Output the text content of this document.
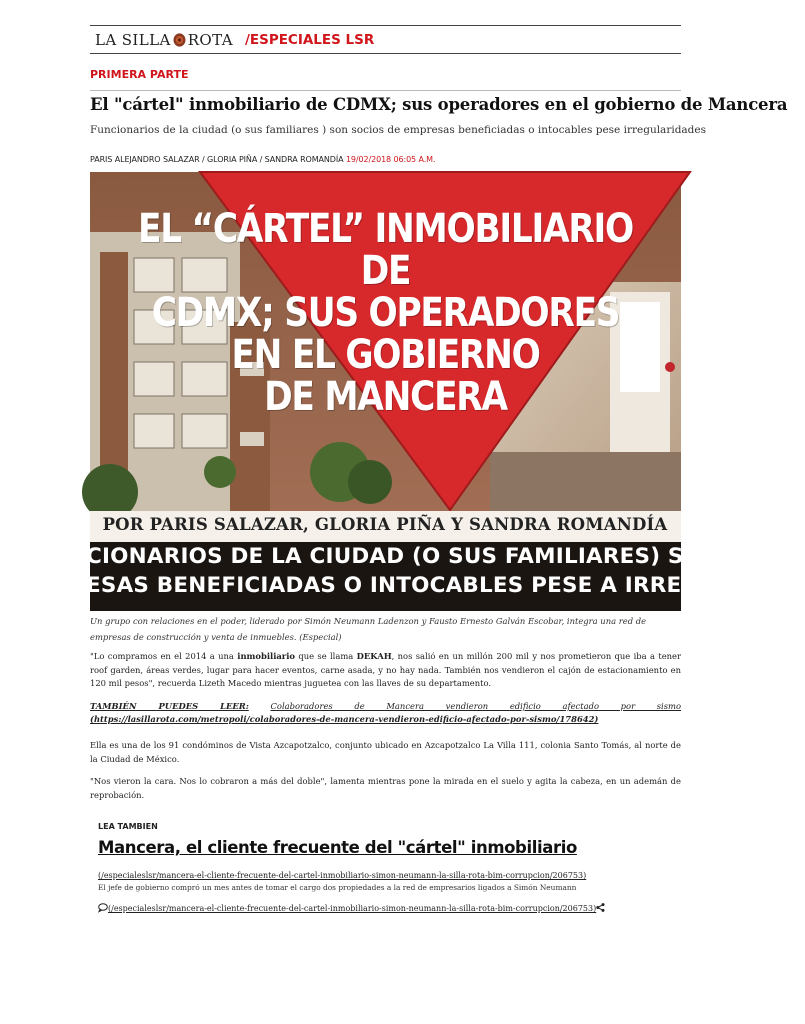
LA SILLA ROTA /ESPECIALES LSR
PRIMERA PARTE
El "cártel" inmobiliario de CDMX; sus operadores en el gobierno de Mancera
Funcionarios de la ciudad (o sus familiares ) son socios de empresas beneficiadas o intocables pese irregularidades
PARIS ALEJANDRO SALAZAR / GLORIA PIÑA / SANDRA ROMANDÍA 19/02/2018 06:05 A.M.
EL “CÁRTEL” INMOBILIARIO DE
CDMX; SUS OPERADORES
EN EL GOBIERNO
DE MANCERA
POR PARIS SALAZAR, GLORIA PIÑA Y SANDRA ROMANDÍA
CIONARIOS DE LA CIUDAD (O SUS FAMILIARES) SON SOCIO
ESAS BENEFICIADAS O INTOCABLES PESE A IRREGULARI
Un grupo con relaciones en el poder, liderado por Simón Neumann Ladenzon y Fausto Ernesto Galván Escobar, integra una red de empresas de construcción y venta de inmuebles. (Especial)

"Lo compramos en el 2014 a una inmobiliario que se llama DEKAH, nos salió en un millón 200 mil y nos prometieron que iba a tener roof garden, áreas verdes, lugar para hacer eventos, carne asada, y no hay nada. También nos vendieron el cajón de estacionamiento en 120 mil pesos", recuerda Lizeth Macedo mientras juguetea con las llaves de su departamento.

TAMBIÉN PUEDES LEER:	Colaboradores de Mancera vendieron edificio afectado por sismo
(https://lasillarota.com/metropoli/colaboradores-de-mancera-vendieron-edificio-afectado-por-sismo/178642)

Ella es una de los 91 condóminos de Vista Azcapotzalco, conjunto ubicado en Azcapotzalco La Villa 111, colonia Santo Tomás, al norte de la Ciudad de México.

"Nos vieron la cara. Nos lo cobraron a más del doble", lamenta mientras pone la mirada en el suelo y agita la cabeza, en un ademán de reprobación.

LEA TAMBIEN
Mancera, el cliente frecuente del "cártel" inmobiliario
(/especialeslsr/mancera-el-cliente-frecuente-del-cartel-inmobiliario-simon-neumann-la-silla-rota-bim-corrupcion/206753)
El jefe de gobierno compró un mes antes de tomar el cargo dos propiedades a la red de empresarios ligados a Simón Neumann
(/especialeslsr/mancera-el-cliente-frecuente-del-cartel-inmobiliario-simon-neumann-la-silla-rota-bim-corrupcion/206753)
